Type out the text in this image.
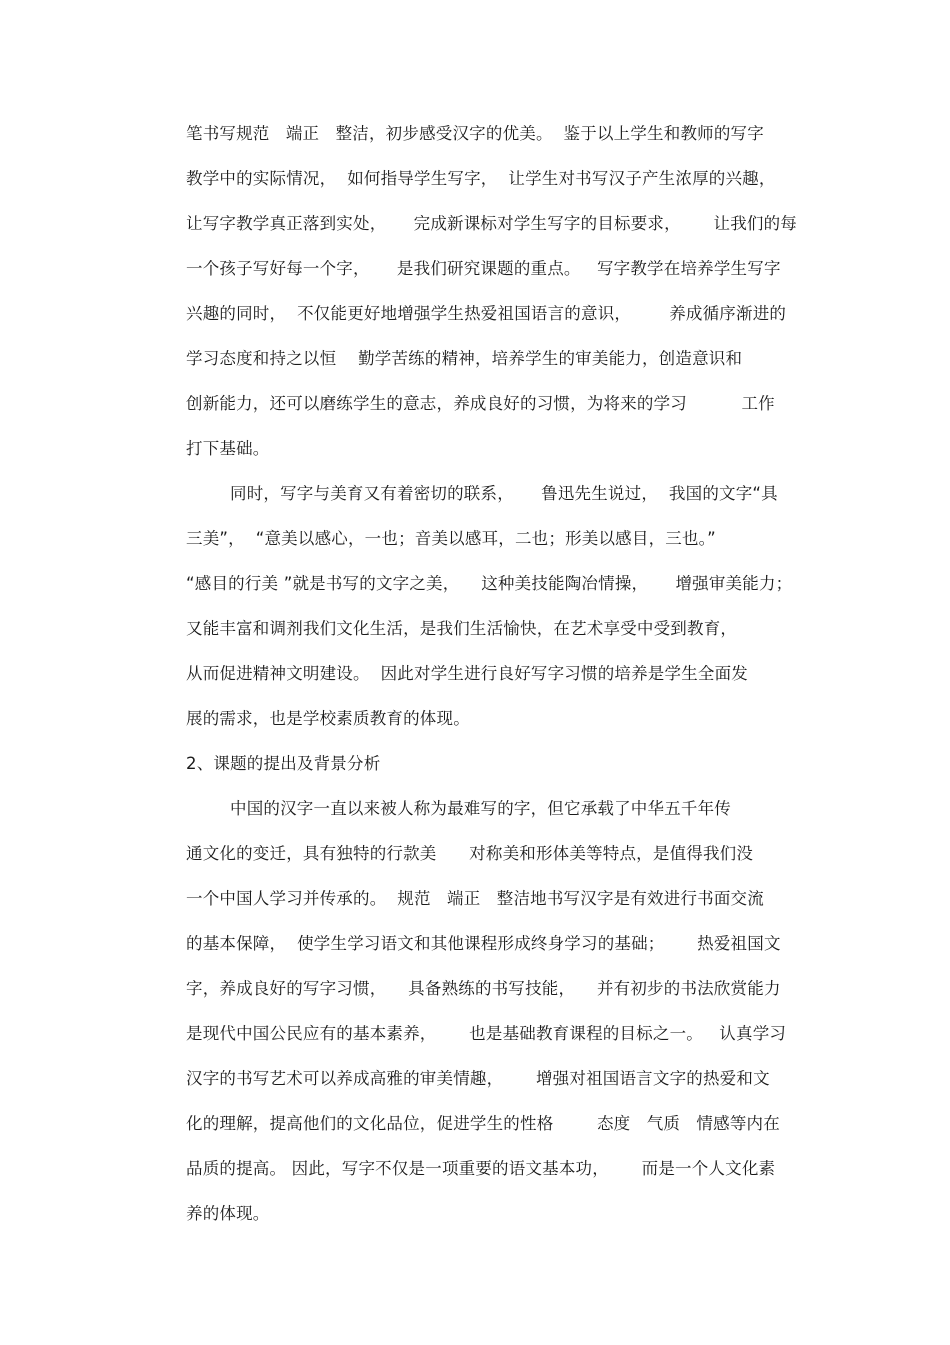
笔书写规范   端正   整洁，初步感受汉字的优美。  鉴于以上学生和教师的写字
教学中的实际情况，  如何指导学生写字，  让学生对书写汉子产生浓厚的兴趣，
让写字教学真正落到实处，     完成新课标对学生写字的目标要求，      让我们的每
一个孩子写好每一个字，     是我们研究课题的重点。   写字教学在培养学生写字
兴趣的同时，  不仅能更好地增强学生热爱祖国语言的意识，       养成循序渐进的
学习态度和持之以恒    勤学苦练的精神，培养学生的审美能力，创造意识和
创新能力，还可以磨练学生的意志，养成良好的习惯，为将来的学习          工作
打下基础。
同时，写字与美育又有着密切的联系，     鲁迅先生说过，  我国的文字“具
三美”，  “意美以感心，一也；音美以感耳，二也；形美以感目，三也。”
“感目的行美 ”就是书写的文字之美，    这种美技能陶冶情操，     增强审美能力；
又能丰富和调剂我们文化生活，是我们生活愉快，在艺术享受中受到教育，
从而促进精神文明建设。  因此对学生进行良好写字习惯的培养是学生全面发
展的需求，也是学校素质教育的体现。
2、课题的提出及背景分析
中国的汉字一直以来被人称为最难写的字，但它承载了中华五千年传
通文化的变迁，具有独特的行款美      对称美和形体美等特点，是值得我们没
一个中国人学习并传承的。  规范   端正   整洁地书写汉字是有效进行书面交流
的基本保障，  使学生学习语文和其他课程形成终身学习的基础；      热爱祖国文
字，养成良好的写字习惯，    具备熟练的书写技能，    并有初步的书法欣赏能力
是现代中国公民应有的基本素养，      也是基础教育课程的目标之一。   认真学习
汉字的书写艺术可以养成高雅的审美情趣，      增强对祖国语言文字的热爱和文
化的理解，提高他们的文化品位，促进学生的性格        态度   气质   情感等内在
品质的提高。 因此，写字不仅是一项重要的语文基本功，      而是一个人文化素
养的体现。
